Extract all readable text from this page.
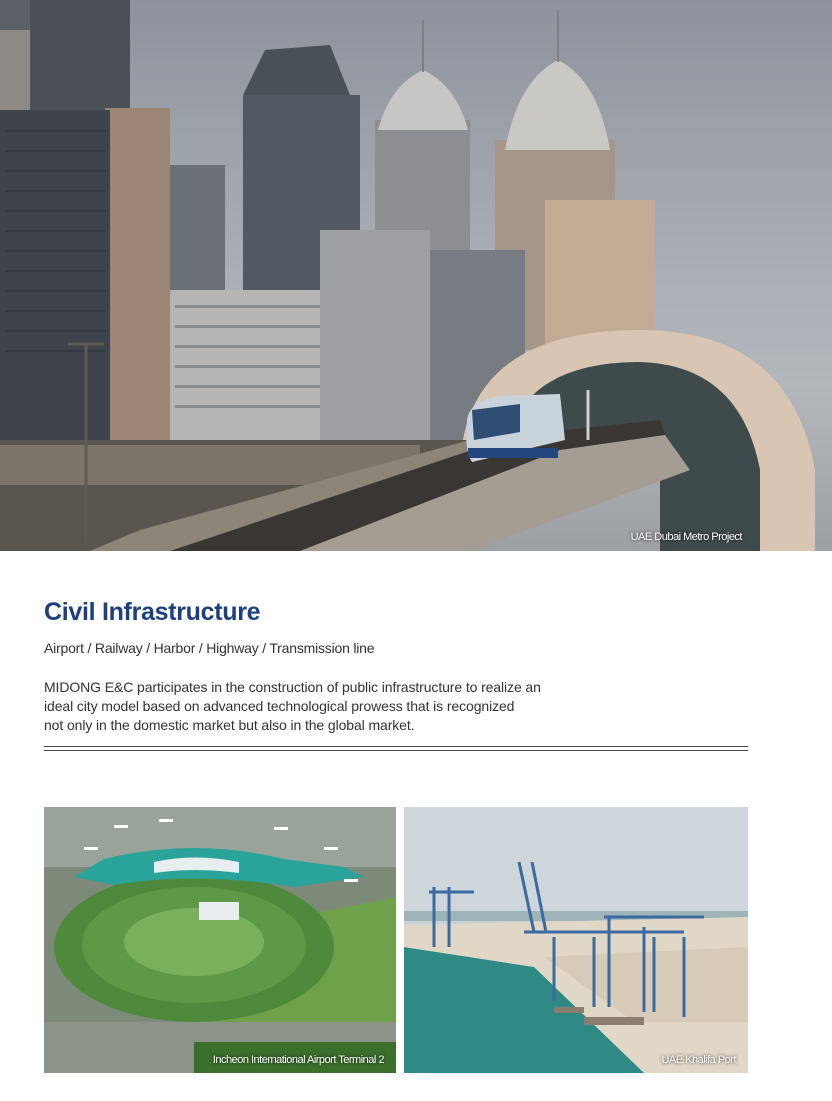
UAE Dubai Metro Project
Civil Infrastructure

Airport / Railway / Harbor / Highway / Transmission line

MIDONG E&C participates in the construction of public infrastructure to realize an
ideal city model based on advanced technological prowess that is recognized
not only in the domestic market but also in the global market.

Incheon International Airport Terminal 2	UAE Khalifa Port
